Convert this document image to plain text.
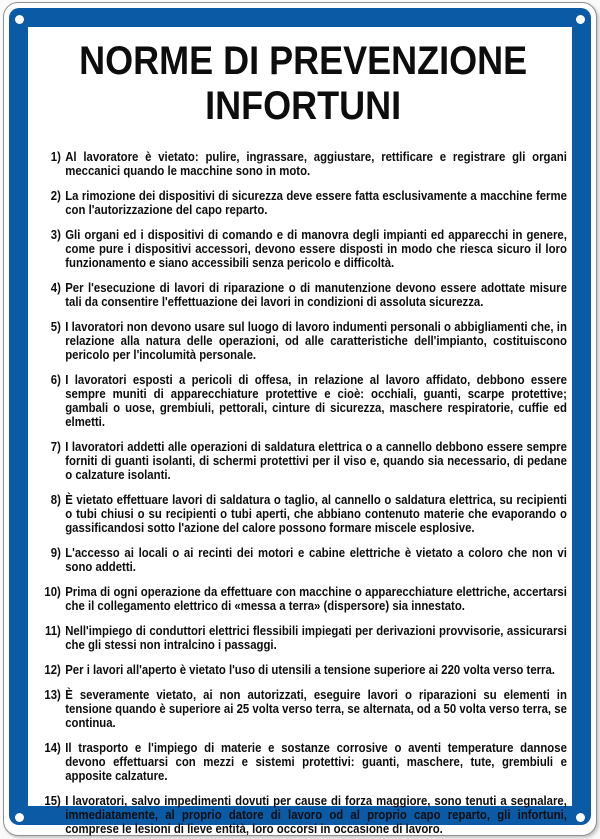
NORME DI PREVENZIONE INFORTUNI
1) Al lavoratore è vietato: pulire, ingrassare, aggiustare, rettificare e registrare gli organi meccanici quando le macchine sono in moto.
2) La rimozione dei dispositivi di sicurezza deve essere fatta esclusivamente a macchine ferme con l'autorizzazione del capo reparto.
3) Gli organi ed i dispositivi di comando e di manovra degli impianti ed apparecchi in genere, come pure i dispositivi accessori, devono essere disposti in modo che riesca sicuro il loro funzionamento e siano accessibili senza pericolo e difficoltà.
4) Per l'esecuzione di lavori di riparazione o di manutenzione devono essere adottate misure tali da consentire l'effettuazione dei lavori in condizioni di assoluta sicurezza.
5) I lavoratori non devono usare sul luogo di lavoro indumenti personali o abbigliamenti che, in relazione alla natura delle operazioni, od alle caratteristiche dell'impianto, costituiscono pericolo per l'incolumità personale.
6) I lavoratori esposti a pericoli di offesa, in relazione al lavoro affidato, debbono essere sempre muniti di apparecchiature protettive e cioè: occhiali, guanti, scarpe protettive; gambali o uose, grembiuli, pettorali, cinture di sicurezza, maschere respiratorie, cuffie ed elmetti.
7) I lavoratori addetti alle operazioni di saldatura elettrica o a cannello debbono essere sempre forniti di guanti isolanti, di schermi protettivi per il viso e, quando sia necessario, di pedane o calzature isolanti.
8) È vietato effettuare lavori di saldatura o taglio, al cannello o saldatura elettrica, su recipienti o tubi chiusi o su recipienti o tubi aperti, che abbiano contenuto materie che evaporando o gassificandosi sotto l'azione del calore possono formare miscele esplosive.
9) L'accesso ai locali o ai recinti dei motori e cabine elettriche è vietato a coloro che non vi sono addetti.
10) Prima di ogni operazione da effettuare con macchine o apparecchiature elettriche, accertarsi che il collegamento elettrico di «messa a terra» (dispersore) sia innestato.
11) Nell'impiego di conduttori elettrici flessibili impiegati per derivazioni provvisorie, assicurarsi che gli stessi non intralcino i passaggi.
12) Per i lavori all'aperto è vietato l'uso di utensili a tensione superiore ai 220 volta verso terra.
13) È severamente vietato, ai non autorizzati, eseguire lavori o riparazioni su elementi in tensione quando è superiore ai 25 volta verso terra, se alternata, od a 50 volta verso terra, se continua.
14) Il trasporto e l'impiego di materie e sostanze corrosive o aventi temperature dannose devono effettuarsi con mezzi e sistemi protettivi: guanti, maschere, tute, grembiuli e apposite calzature.
15) I lavoratori, salvo impedimenti dovuti per cause di forza maggiore, sono tenuti a segnalare, immediatamente, al proprio datore di lavoro od al proprio capo reparto, gli infortuni, comprese le lesioni di lieve entità, loro occorsi in occasione di lavoro.
